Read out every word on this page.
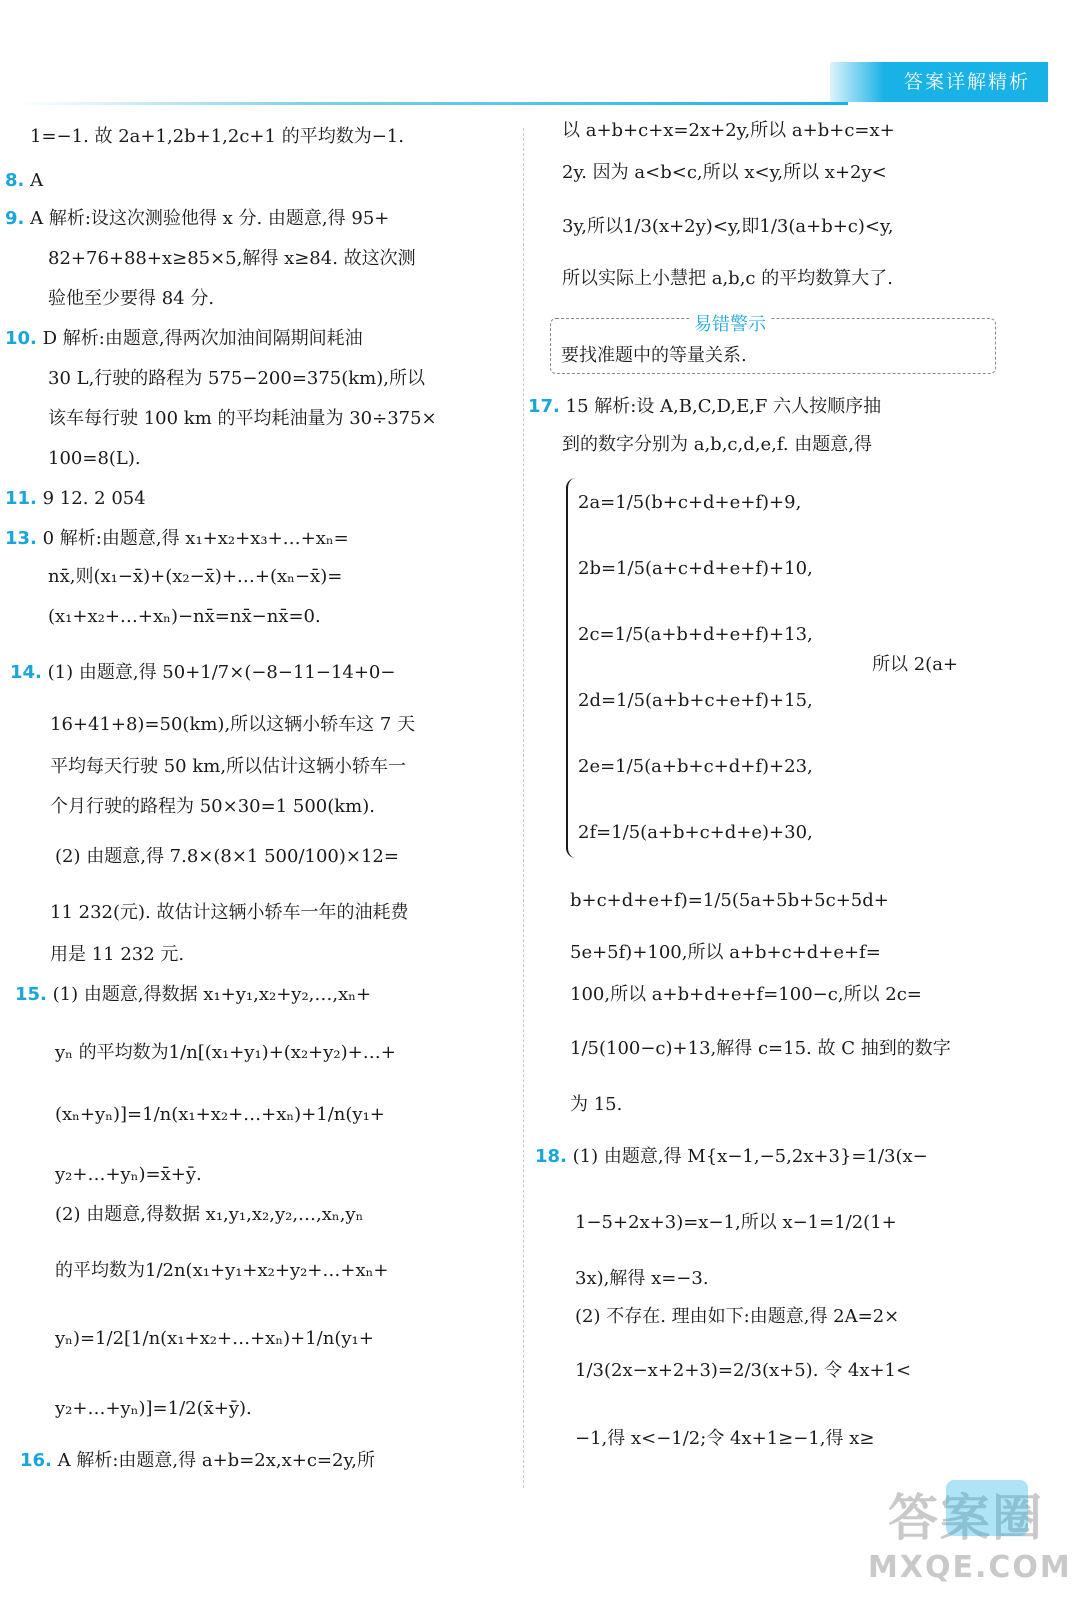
答案详解精析
1=−1. 故 2a+1,2b+1,2c+1 的平均数为−1.
8. A
9. A 解析:设这次测验他得 x 分. 由题意,得 95+
82+76+88+x≥85×5,解得 x≥84. 故这次测
验他至少要得 84 分.
10. D 解析:由题意,得两次加油间隔期间耗油
30 L,行驶的路程为 575−200=375(km),所以
该车每行驶 100 km 的平均耗油量为 30÷375×
100=8(L).
11. 9 12. 2 054
13. 0 解析:由题意,得 x₁+x₂+x₃+…+xₙ=
nx̄,则(x₁−x̄)+(x₂−x̄)+…+(xₙ−x̄)=
(x₁+x₂+…+xₙ)−nx̄=nx̄−nx̄=0.
14. (1) 由题意,得 50+1/7×(−8−11−14+0−
16+41+8)=50(km),所以这辆小轿车这 7 天
平均每天行驶 50 km,所以估计这辆小轿车一
个月行驶的路程为 50×30=1 500(km).
(2) 由题意,得 7.8×(8×1 500/100)×12=
11 232(元). 故估计这辆小轿车一年的油耗费
用是 11 232 元.
15. (1) 由题意,得数据 x₁+y₁,x₂+y₂,…,xₙ+
yₙ 的平均数为1/n[(x₁+y₁)+(x₂+y₂)+…+
(xₙ+yₙ)]=1/n(x₁+x₂+…+xₙ)+1/n(y₁+
y₂+…+yₙ)=x̄+ȳ.
(2) 由题意,得数据 x₁,y₁,x₂,y₂,…,xₙ,yₙ
的平均数为1/2n(x₁+y₁+x₂+y₂+…+xₙ+
yₙ)=1/2[1/n(x₁+x₂+…+xₙ)+1/n(y₁+
y₂+…+yₙ)]=1/2(x̄+ȳ).
16. A 解析:由题意,得 a+b=2x,x+c=2y,所
以 a+b+c+x=2x+2y,所以 a+b+c=x+
2y. 因为 a<b<c,所以 x<y,所以 x+2y<
3y,所以1/3(x+2y)<y,即1/3(a+b+c)<y,
所以实际上小慧把 a,b,c 的平均数算大了.
17. 15 解析:设 A,B,C,D,E,F 六人按顺序抽
到的数字分别为 a,b,c,d,e,f. 由题意,得
2a=1/5(b+c+d+e+f)+9,
2b=1/5(a+c+d+e+f)+10,
2c=1/5(a+b+d+e+f)+13,
所以 2(a+
2d=1/5(a+b+c+e+f)+15,
2e=1/5(a+b+c+d+f)+23,
2f=1/5(a+b+c+d+e)+30,
b+c+d+e+f)=1/5(5a+5b+5c+5d+
5e+5f)+100,所以 a+b+c+d+e+f=
100,所以 a+b+d+e+f=100−c,所以 2c=
1/5(100−c)+13,解得 c=15. 故 C 抽到的数字
为 15.
18. (1) 由题意,得 M{x−1,−5,2x+3}=1/3(x−
1−5+2x+3)=x−1,所以 x−1=1/2(1+
3x),解得 x=−3.
(2) 不存在. 理由如下:由题意,得 2A=2×
1/3(2x−x+2+3)=2/3(x+5). 令 4x+1<
−1,得 x<−1/2;令 4x+1≥−1,得 x≥
要找准题中的等量关系.
易错警示
答案圈
MXQE.COM
